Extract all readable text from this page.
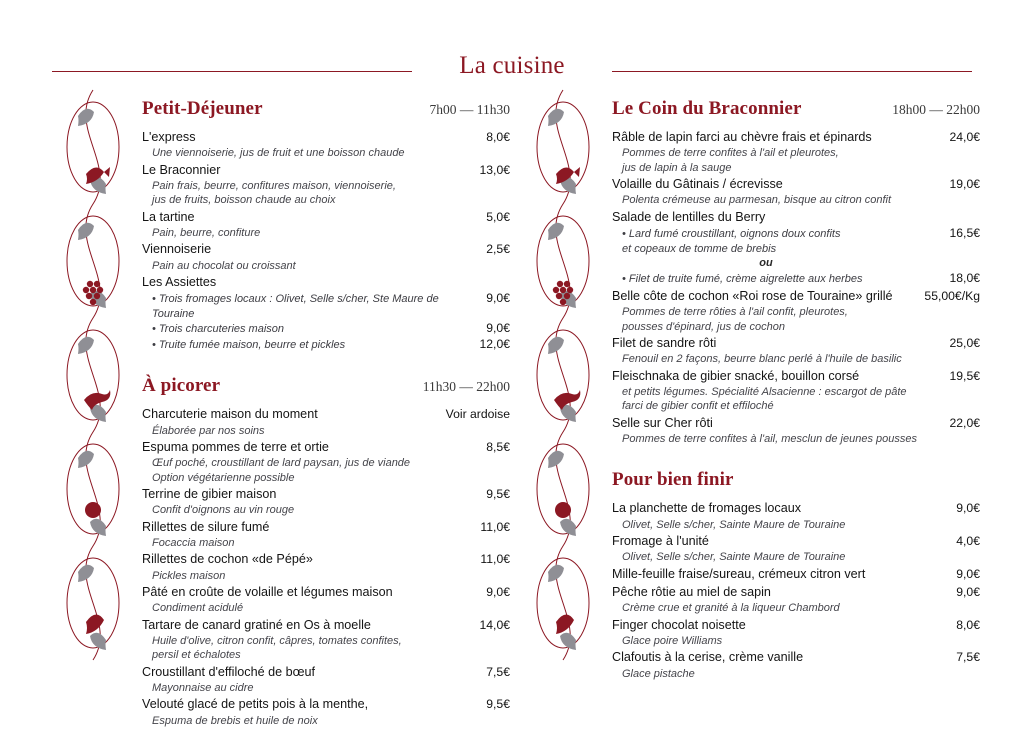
La cuisine
Petit-Déjeuner	7h00 — 11h30
L'express	8,0€
Une viennoiserie, jus de fruit et une boisson chaude
Le Braconnier	13,0€
Pain frais, beurre, confitures maison, viennoiserie,
jus de fruits, boisson chaude au choix
La tartine	5,0€
Pain, beurre, confiture
Viennoiserie	2,5€
Pain au chocolat ou croissant
Les Assiettes
• Trois fromages locaux : Olivet, Selle s/cher, Ste Maure de Touraine
9,0€
• Trois charcuteries maison	9,0€
• Truite fumée maison, beurre et pickles	12,0€
À picorer	11h30 — 22h00
Charcuterie maison du moment	Voir ardoise
Élaborée par nos soins
Espuma pommes de terre et ortie	8,5€
Œuf poché, croustillant de lard paysan, jus de viande
Option végétarienne possible
Terrine de gibier maison	9,5€
Confit d'oignons au vin rouge
Rillettes de silure fumé	11,0€
Focaccia maison
Rillettes de cochon «de Pépé»	11,0€
Pickles maison
Pâté en croûte de volaille et légumes maison	9,0€
Condiment acidulé
Tartare de canard gratiné en Os à moelle	14,0€
Huile d'olive, citron confit, câpres, tomates confites,
persil et échalotes
Croustillant d'effiloché de bœuf	7,5€
Mayonnaise au cidre
Velouté glacé de petits pois à la menthe,	9,5€
Espuma de brebis et huile de noix
Le Coin du Braconnier	18h00 — 22h00
Râble de lapin farci au chèvre frais et épinards	24,0€
Pommes de terre confites à l'ail et pleurotes,
jus de lapin à la sauge
Volaille du Gâtinais / écrevisse	19,0€
Polenta crémeuse au parmesan, bisque au citron confit
Salade de lentilles du Berry
• Lard fumé croustillant, oignons doux confits
et copeaux de tomme de brebis
16,5€
ou
• Filet de truite fumé, crème aigrelette aux herbes	18,0€
Belle côte de cochon «Roi rose de Touraine» grillé	55,00€/Kg
Pommes de terre rôties à l'ail confit, pleurotes,
pousses d'épinard, jus de cochon
Filet de sandre rôti	25,0€
Fenouil en 2 façons, beurre blanc perlé à l'huile de basilic
Fleischnaka de gibier snacké, bouillon corsé	19,5€
et petits légumes. Spécialité Alsacienne : escargot de pâte
farci de gibier confit et effiloché
Selle sur Cher rôti	22,0€
Pommes de terre confites à l'ail, mesclun de jeunes pousses
Pour bien finir
La planchette de fromages locaux	9,0€
Olivet, Selle s/cher, Sainte Maure de Touraine
Fromage à l'unité	4,0€
Olivet, Selle s/cher, Sainte Maure de Touraine
Mille-feuille fraise/sureau, crémeux citron vert	9,0€
Pêche rôtie au miel de sapin	9,0€
Crème crue et granité à la liqueur Chambord
Finger chocolat noisette	8,0€
Glace poire Williams
Clafoutis à la cerise, crème vanille	7,5€
Glace pistache
